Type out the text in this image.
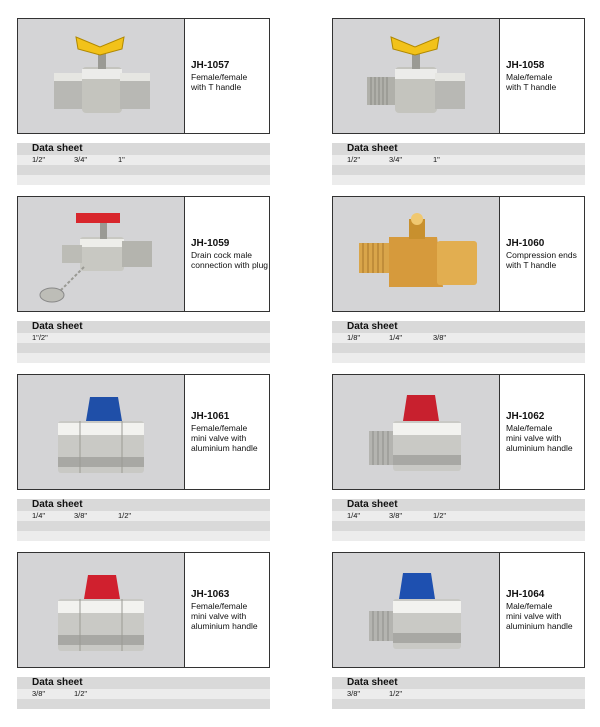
JH-1057
Female/female
with T handle
Data sheet
1/2"	3/4"	1"
JH-1058
Male/female
with T handle
Data sheet
1/2"	3/4"	1"
JH-1059
Drain cock male
connection with plug
Data sheet
1"/2"
JH-1060
Compression ends
with T handle
Data sheet
1/8"	1/4"	3/8"
JH-1061
Female/female
mini valve with
aluminium handle
Data sheet
1/4"	3/8"	1/2"
JH-1062
Male/female
mini valve with
aluminium handle
Data sheet
1/4"	3/8"	1/2"
JH-1063
Female/female
mini valve with
aluminium handle
Data sheet
3/8"	1/2"
JH-1064
Male/female
mini valve with
aluminium handle
Data sheet
3/8"	1/2"
